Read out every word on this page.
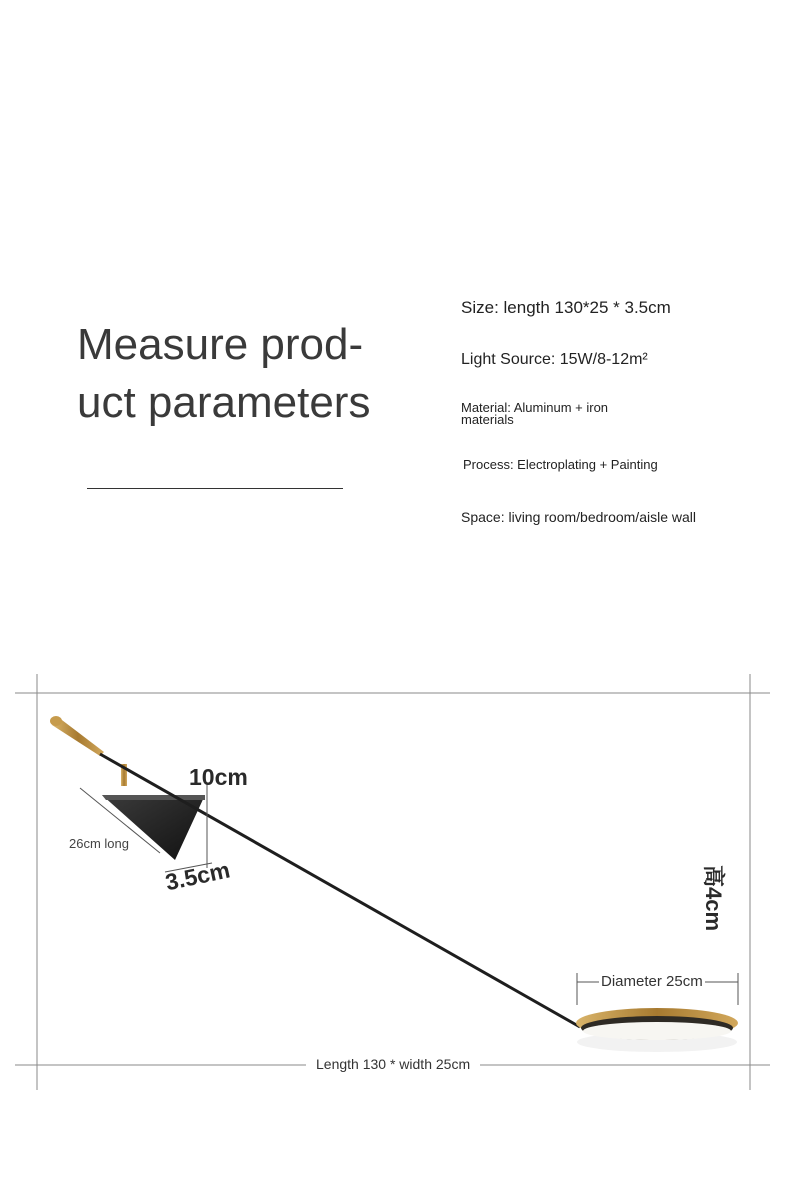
Measure prod-
uct parameters
Size: length 130*25 * 3.5cm
Light Source: 15W/8-12m²
Material: Aluminum + iron materials
Process: Electroplating + Painting
Space: living room/bedroom/aisle wall
10cm
26cm long
3.5cm	高4cm
Diameter 25cm
Length 130 * width 25cm
